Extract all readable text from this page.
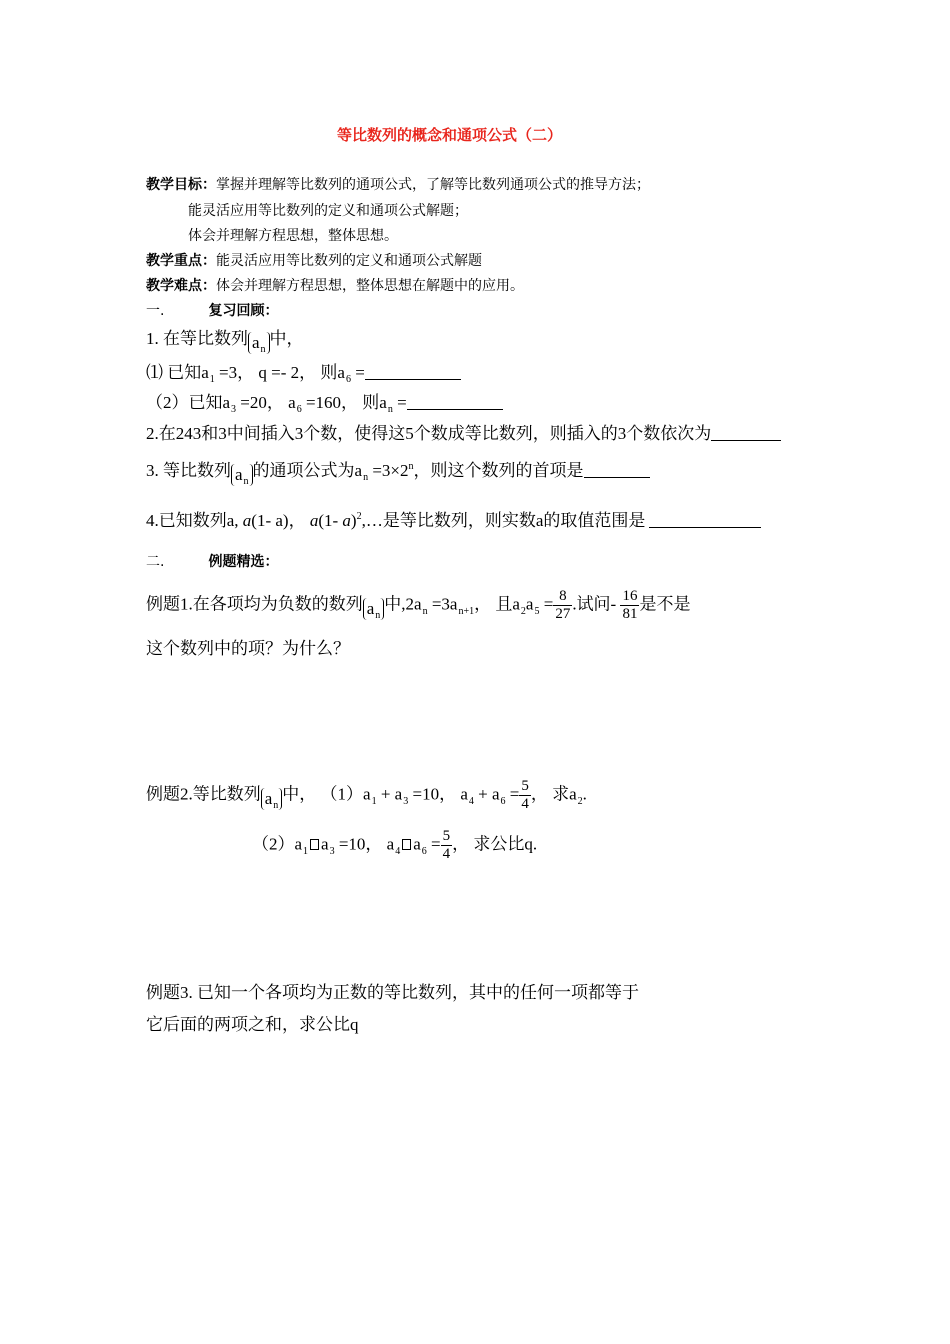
等比数列的概念和通项公式（二）
教学目标：掌握并理解等比数列的通项公式，了解等比数列通项公式的推导方法；
能灵活应用等比数列的定义和通项公式解题；
体会并理解方程思想，整体思想。
教学重点：能灵活应用等比数列的定义和通项公式解题
教学难点：体会并理解方程思想，整体思想在解题中的应用。
一.	复习回顾：
1. 在等比数列 $a_n$中，
⑴ 已知$a_1 =3$， q =- 2， 则$a_6$ =
（2）已知$a_3 =20$， $a_6 =160$， 则$a_n$ =
2.在243和3中间插入3个数，使得这5个数成等比数列，则插入的3个数依次为
3. 等比数列 $a_n$的通项公式为$a_n =3\times 2^n$，则这个数列的首项是
4.已知数列a, a(1- a)， a(1- a)$^2$,…是等比数列，则实数a的取值范围是
二.	例题精选：
例题1.在各项均为负数的数列 $a_n$中$,2a_n =3a_{n+1}$， 且$a_2a_5 = \frac{8}{27}$ .试问- $\frac{16}{81}$ 是不是
这个数列中的项？为什么？
例题2.等比数列 $a_n$中， $(1)a_1 + a_3 =10$， $a_4 + a_6 = \frac{5}{4}$ ， 求$a_2$.
$(2)a_1$ $a_3 =10$， $a_4$ $a_6 = \frac{5}{4}$ ， 求公比q.
例题3. 已知一个各项均为正数的等比数列，其中的任何一项都等于
它后面的两项之和，求公比q
